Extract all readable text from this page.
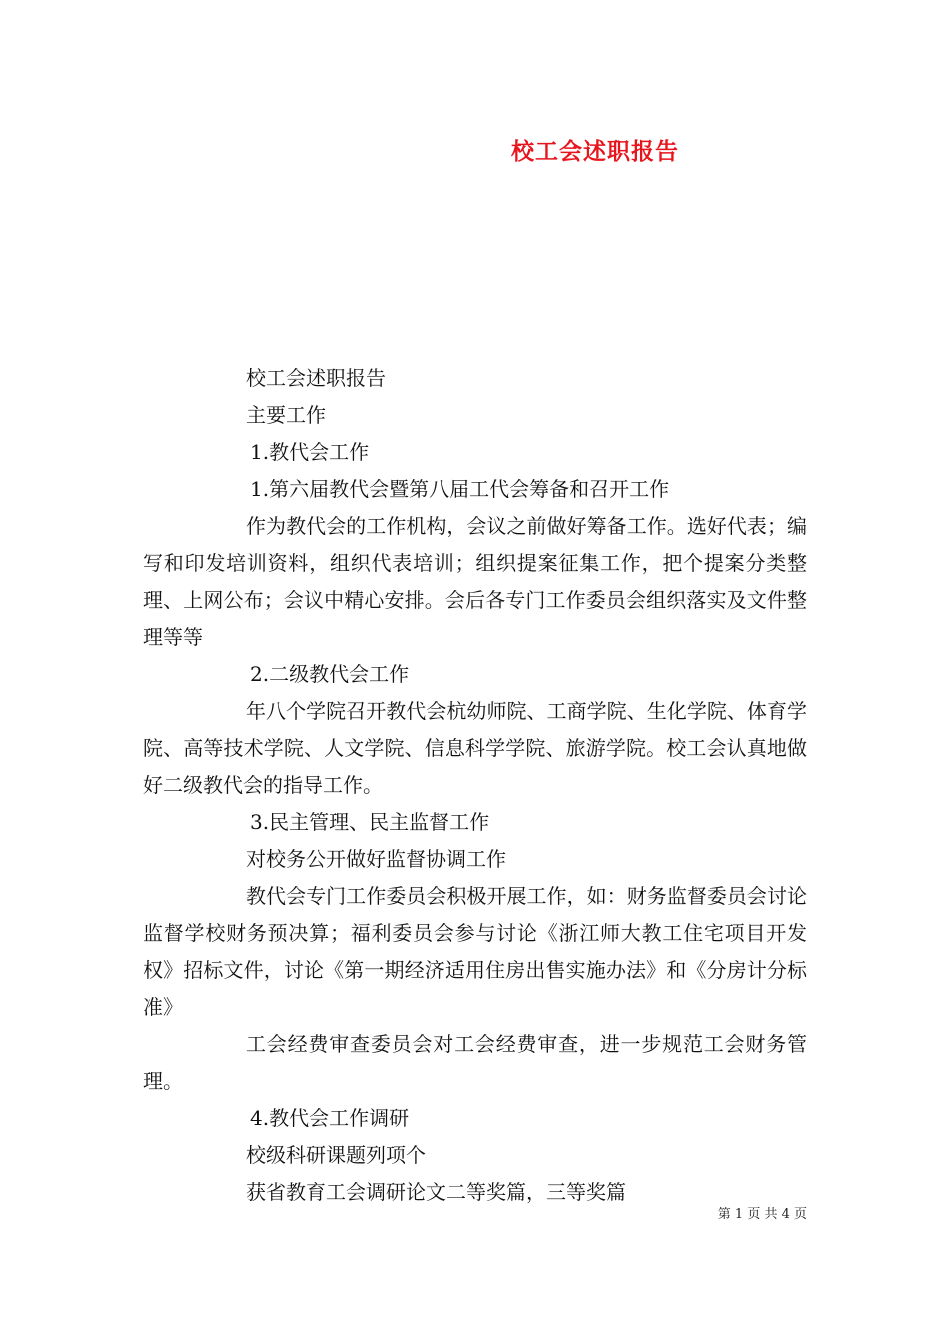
校工会述职报告

校工会述职报告

主要工作

1.教代会工作

1.第六届教代会暨第八届工代会筹备和召开工作

作为教代会的工作机构，会议之前做好筹备工作。选好代表；编写和印发培训资料，组织代表培训；组织提案征集工作，把个提案分类整理、上网公布；会议中精心安排。会后各专门工作委员会组织落实及文件整理等等

2.二级教代会工作

年八个学院召开教代会杭幼师院、工商学院、生化学院、体育学院、高等技术学院、人文学院、信息科学学院、旅游学院。校工会认真地做好二级教代会的指导工作。

3.民主管理、民主监督工作

对校务公开做好监督协调工作

教代会专门工作委员会积极开展工作，如：财务监督委员会讨论监督学校财务预决算；福利委员会参与讨论《浙江师大教工住宅项目开发权》招标文件，讨论《第一期经济适用住房出售实施办法》和《分房计分标准》

工会经费审查委员会对工会经费审查，进一步规范工会财务管理。

4.教代会工作调研

校级科研课题列项个

获省教育工会调研论文二等奖篇，三等奖篇

第 1 页 共 4 页
